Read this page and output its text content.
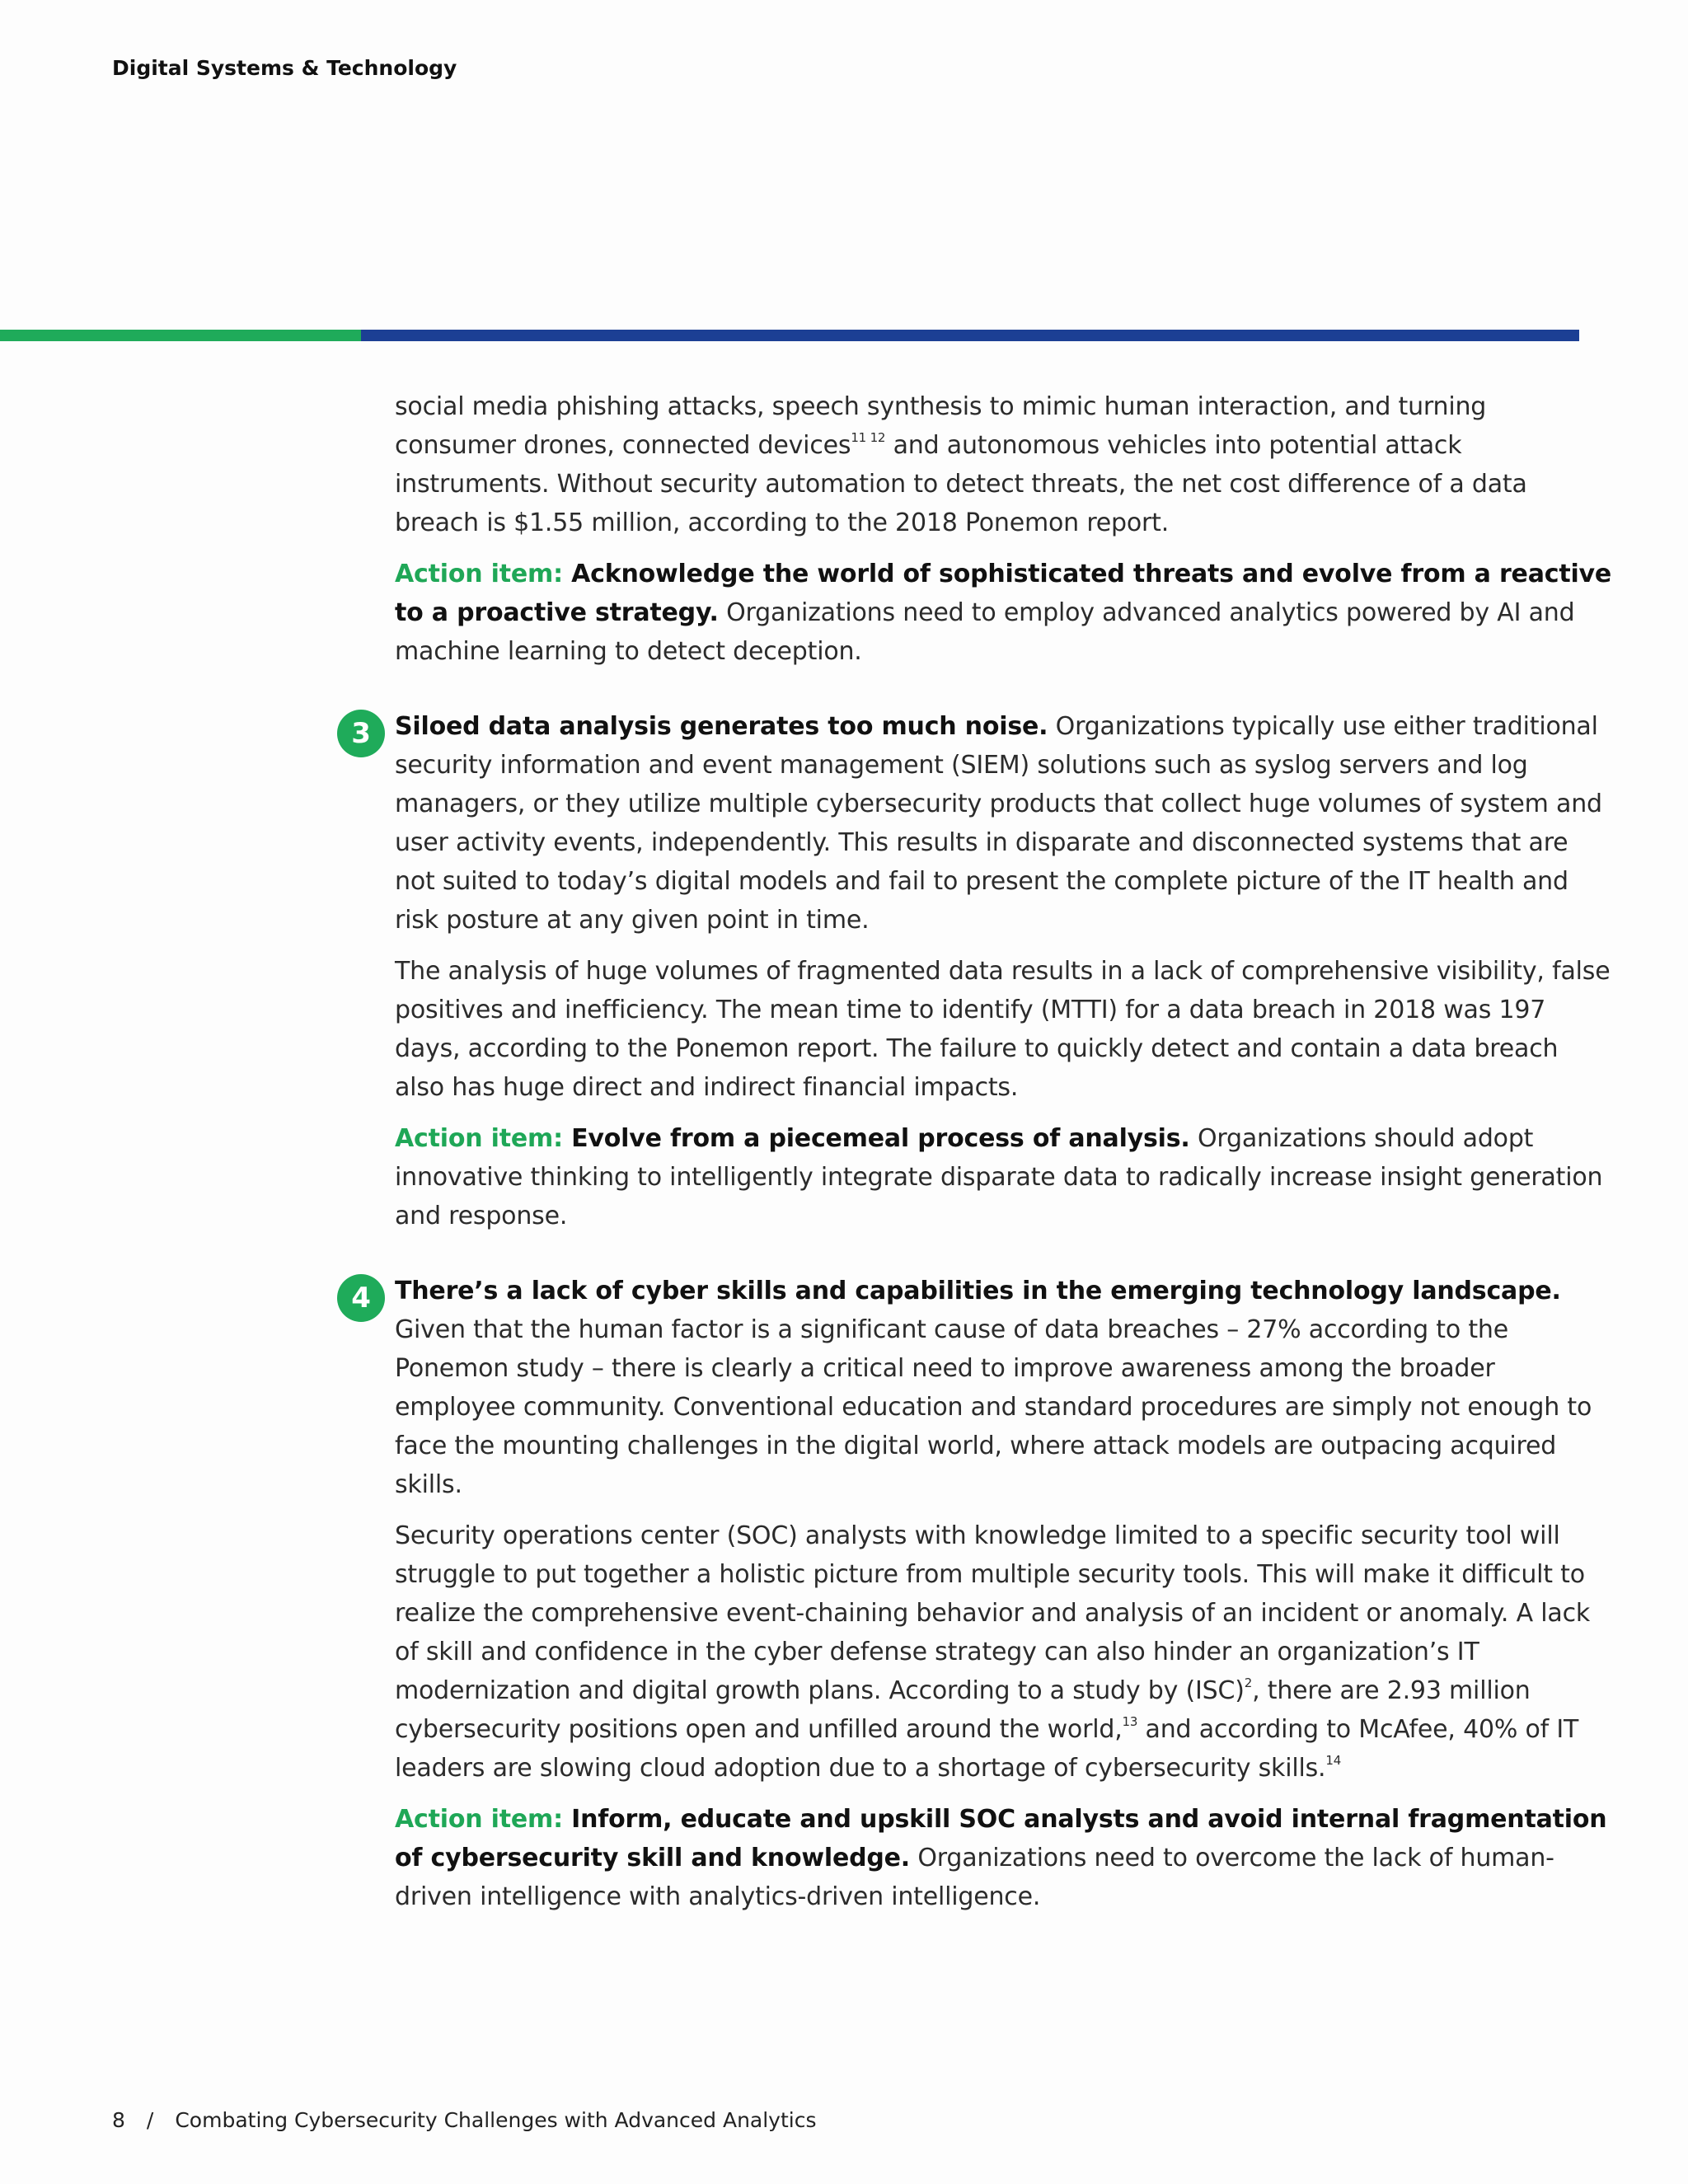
Digital Systems & Technology

social media phishing attacks, speech synthesis to mimic human interaction, and turning consumer drones, connected devices$^{11 12}$ and autonomous vehicles into potential attack instruments. Without security automation to detect threats, the net cost difference of a data breach is $1.55 million, according to the 2018 Ponemon report.

Action item: Acknowledge the world of sophisticated threats and evolve from a reactive to a proactive strategy. Organizations need to employ advanced analytics powered by AI and machine learning to detect deception.

3 Siloed data analysis generates too much noise. Organizations typically use either traditional security information and event management (SIEM) solutions such as syslog servers and log managers, or they utilize multiple cybersecurity products that collect huge volumes of system and user activity events, independently. This results in disparate and disconnected systems that are not suited to today’s digital models and fail to present the complete picture of the IT health and risk posture at any given point in time.

The analysis of huge volumes of fragmented data results in a lack of comprehensive visibility, false positives and inefficiency. The mean time to identify (MTTI) for a data breach in 2018 was 197 days, according to the Ponemon report. The failure to quickly detect and contain a data breach also has huge direct and indirect financial impacts.

Action item: Evolve from a piecemeal process of analysis. Organizations should adopt innovative thinking to intelligently integrate disparate data to radically increase insight generation and response.

4 There’s a lack of cyber skills and capabilities in the emerging technology landscape. Given that the human factor is a significant cause of data breaches – 27% according to the Ponemon study – there is clearly a critical need to improve awareness among the broader employee community. Conventional education and standard procedures are simply not enough to face the mounting challenges in the digital world, where attack models are outpacing acquired skills.

Security operations center (SOC) analysts with knowledge limited to a specific security tool will struggle to put together a holistic picture from multiple security tools. This will make it difficult to realize the comprehensive event-chaining behavior and analysis of an incident or anomaly. A lack of skill and confidence in the cyber defense strategy can also hinder an organization’s IT modernization and digital growth plans. According to a study by (ISC)$^2$, there are 2.93 million cybersecurity positions open and unfilled around the world,$^{13}$ and according to McAfee, 40% of IT leaders are slowing cloud adoption due to a shortage of cybersecurity skills.$^{14}$

Action item: Inform, educate and upskill SOC analysts and avoid internal fragmentation of cybersecurity skill and knowledge. Organizations need to overcome the lack of human-driven intelligence with analytics-driven intelligence.

8 / Combating Cybersecurity Challenges with Advanced Analytics
